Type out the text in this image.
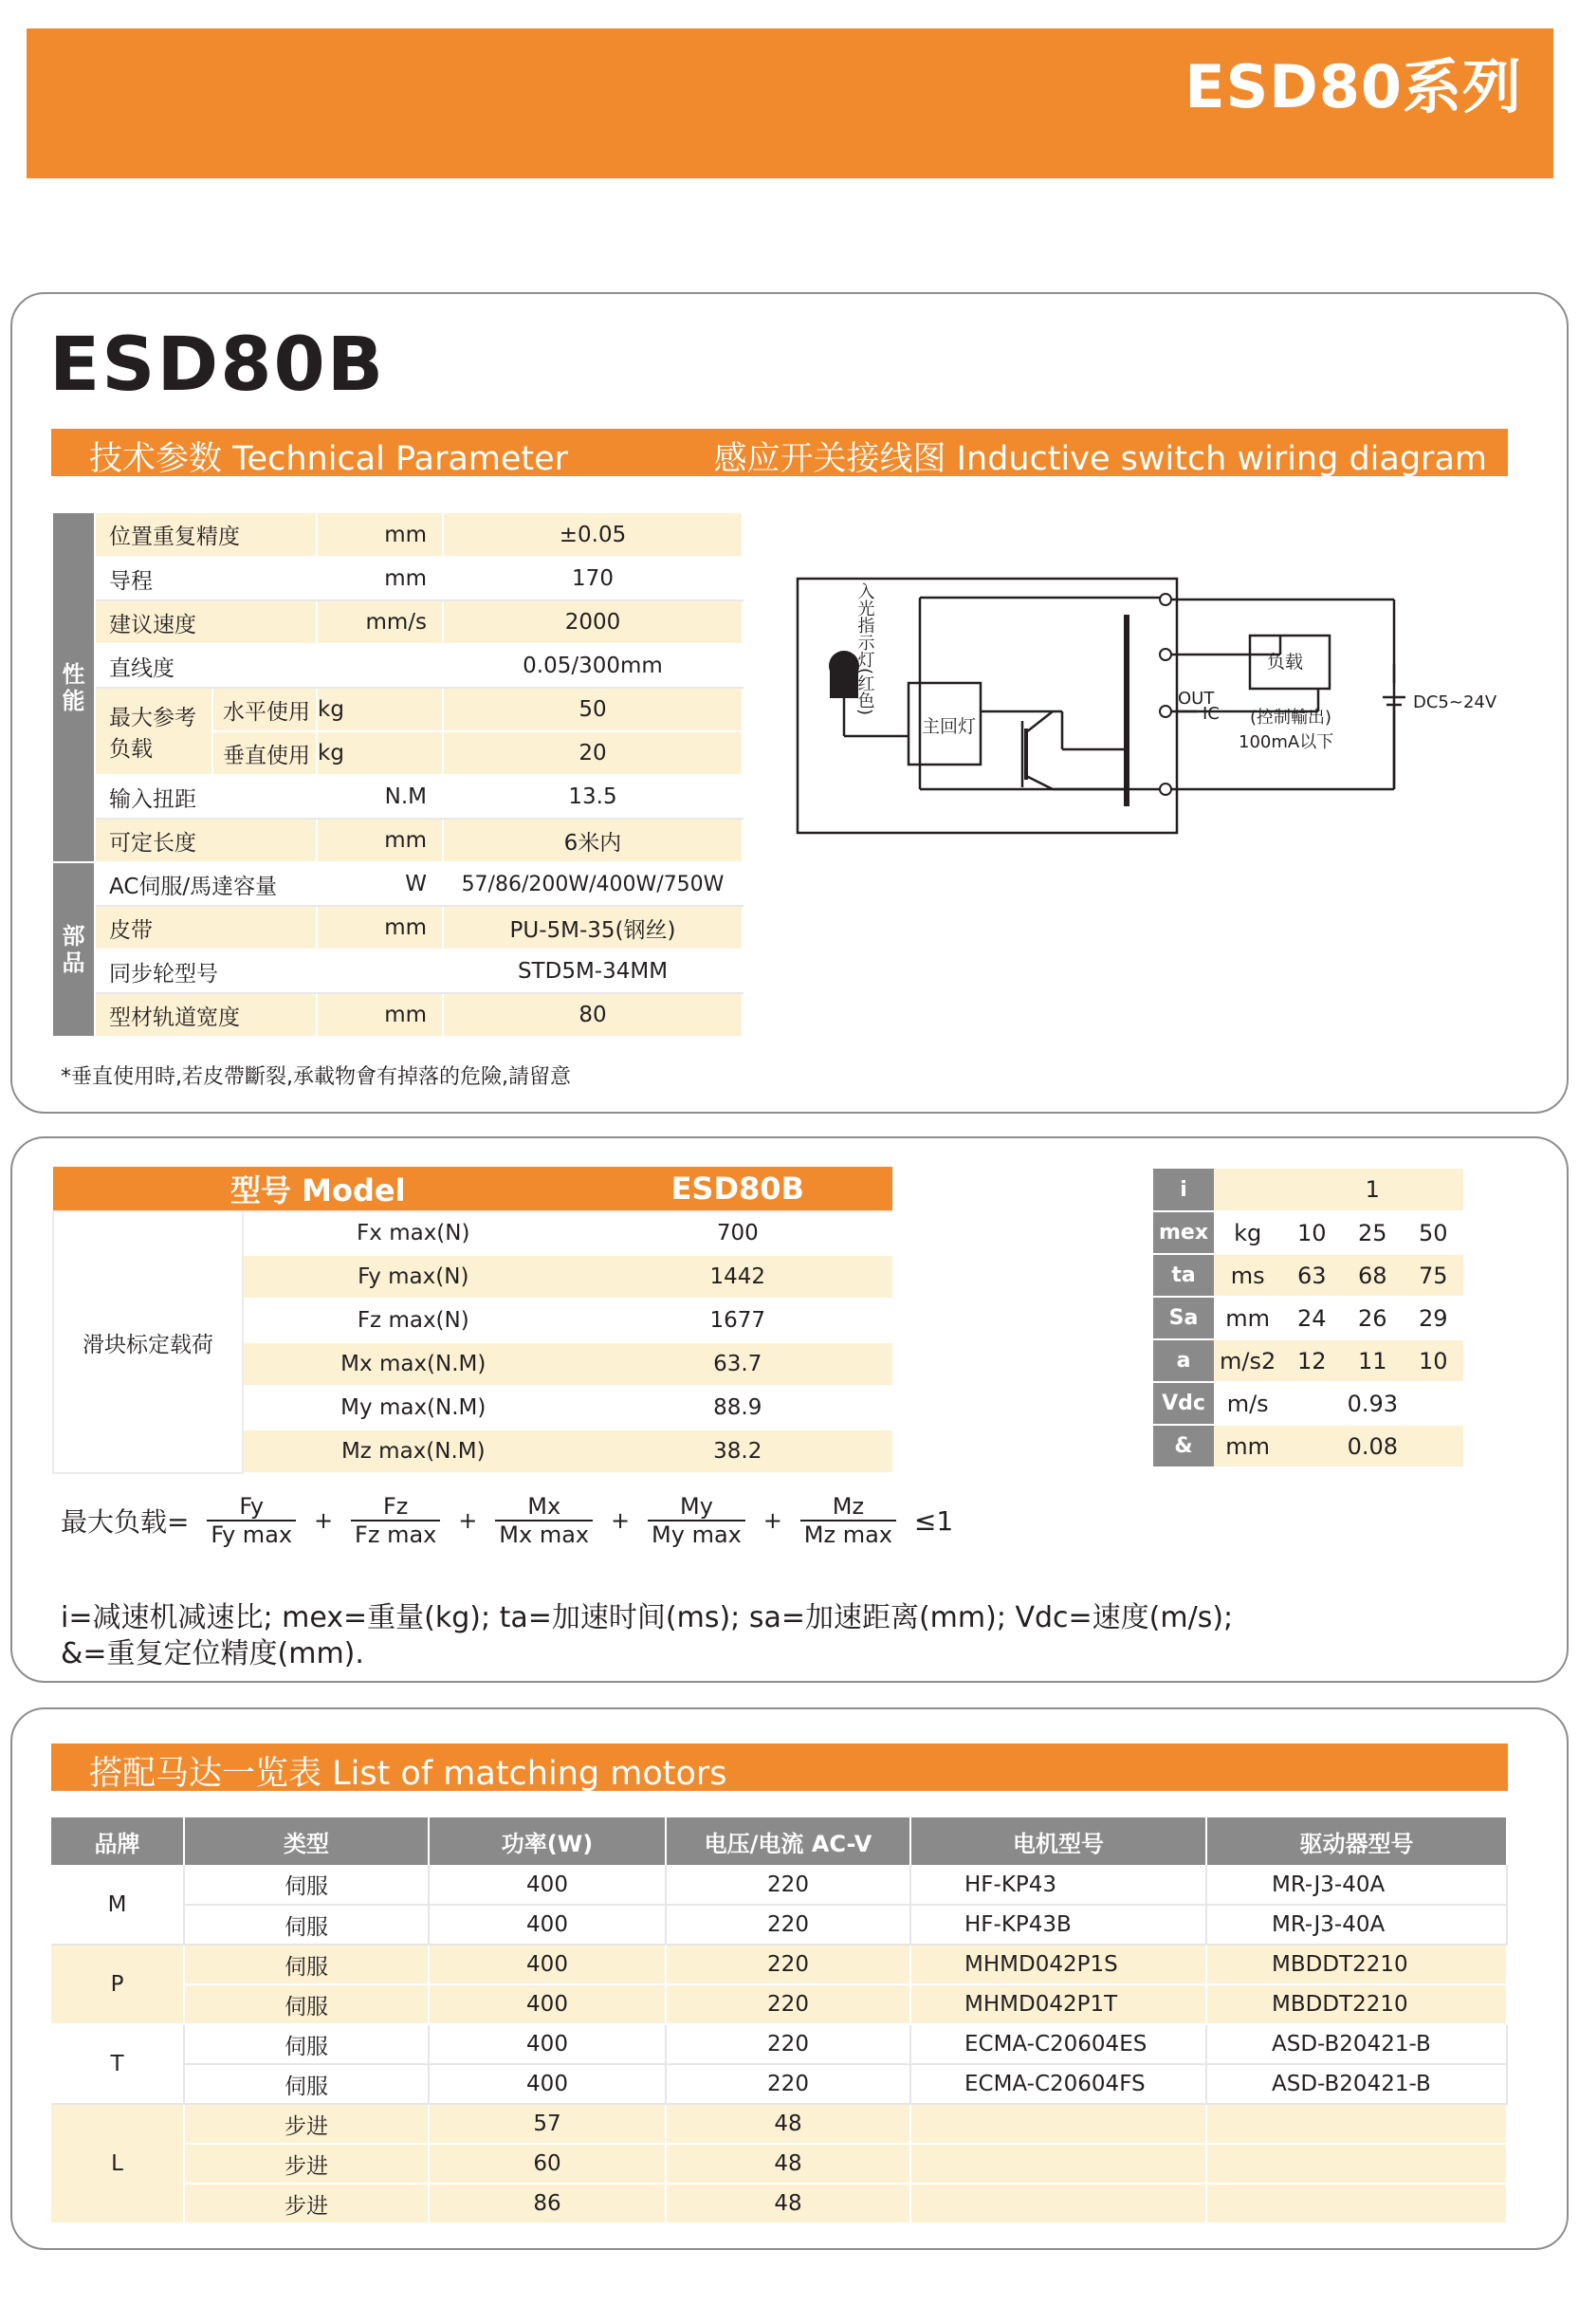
ESD80系列
ESD80B
技术参数 Technical Parameter	感应开关接线图 Inductive switch wiring diagram
性能	位置重复精度		mm	±0.05
	导程		mm	170
	建议速度		mm/s	2000
	直线度			0.05/300mm
	最大参考负载	水平使用	kg	50
		垂直使用	kg	20
	输入扭距		N.M	13.5
	可定长度		mm	6米内
部品	AC伺服/馬達容量		W	57/86/200W/400W/750W
	皮带		mm	PU-5M-35(钢丝)
	同步轮型号			STD5M-34MM
	型材轨道宽度		mm	80
*垂直使用時,若皮帶斷裂,承載物會有掉落的危險,請留意
入光指示灯(红色)
主回灯
负载
OUT
IC (控制輸出)
100mA以下
DC5~24V
型号 Model		ESD80B
滑块标定载荷	Fx max(N)	700
	Fy max(N)	1442
	Fz max(N)	1677
	Mx max(N.M)	63.7
	My max(N.M)	88.9
	Mz max(N.M)	38.2
i		1		
mex	kg	10	25	50
ta	ms	63	68	75
Sa	mm	24	26	29
a	m/s2	12	11	10
Vdc	m/s	0.93		
&	mm	0.08		
最大负载= $\frac{Fy}{\text{Fy max}} + \frac{Fz}{\text{Fz max}} + \frac{Mx}{\text{Mx max}} + \frac{My}{\text{My max}} + \frac{Mz}{\text{Mz max}} \le 1$
i=减速机减速比; mex=重量(kg); ta=加速时间(ms); sa=加速距离(mm); Vdc=速度(m/s);
&=重复定位精度(mm).
搭配马达一览表 List of matching motors
品牌	类型	功率(W)	电压/电流 AC-V	电机型号	驱动器型号
M	伺服	400	220	HF-KP43	MR-J3-40A
	伺服	400	220	HF-KP43B	MR-J3-40A
P	伺服	400	220	MHMD042P1S	MBDDT2210
	伺服	400	220	MHMD042P1T	MBDDT2210
T	伺服	400	220	ECMA-C20604ES	ASD-B20421-B
	伺服	400	220	ECMA-C20604FS	ASD-B20421-B
L	步进	57	48		
	步进	60	48		
	步进	86	48		
